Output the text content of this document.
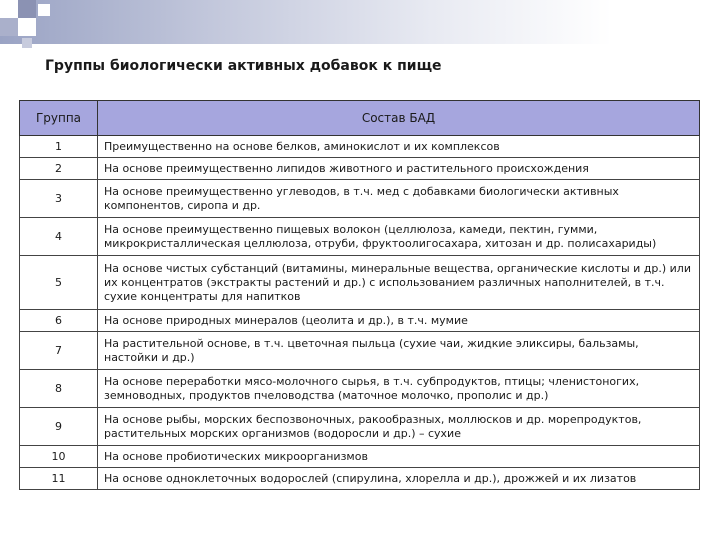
Группы биологически активных добавок к пище
Группа	Состав БАД
1	Преимущественно на основе белков, аминокислот и их комплексов
2	На основе преимущественно липидов животного и растительного происхождения
3	На основе преимущественно углеводов, в т.ч. мед с добавками биологически активных компонентов, сиропа и др.
4	На основе преимущественно пищевых волокон (целлюлоза, камеди, пектин, гумми, микрокристаллическая целлюлоза, отруби, фруктоолигосахара, хитозан и др. полисахариды)
5	На основе чистых субстанций (витамины, минеральные вещества, органические кислоты и др.) или их концентратов (экстракты растений и др.) с использованием различных наполнителей, в т.ч. сухие концентраты для напитков
6	На основе природных минералов (цеолита и др.), в т.ч. мумие
7	На растительной основе, в т.ч. цветочная пыльца (сухие чаи, жидкие эликсиры, бальзамы, настойки и др.)
8	На основе переработки мясо-молочного сырья, в т.ч. субпродуктов, птицы; членистоногих, земноводных, продуктов пчеловодства (маточное молочко, прополис и др.)
9	На основе рыбы, морских беспозвоночных, ракообразных, моллюсков и др. морепродуктов, растительных морских организмов (водоросли и др.) – сухие
10	На основе пробиотических микроорганизмов
11	На основе одноклеточных водорослей (спирулина, хлорелла и др.), дрожжей и их лизатов
